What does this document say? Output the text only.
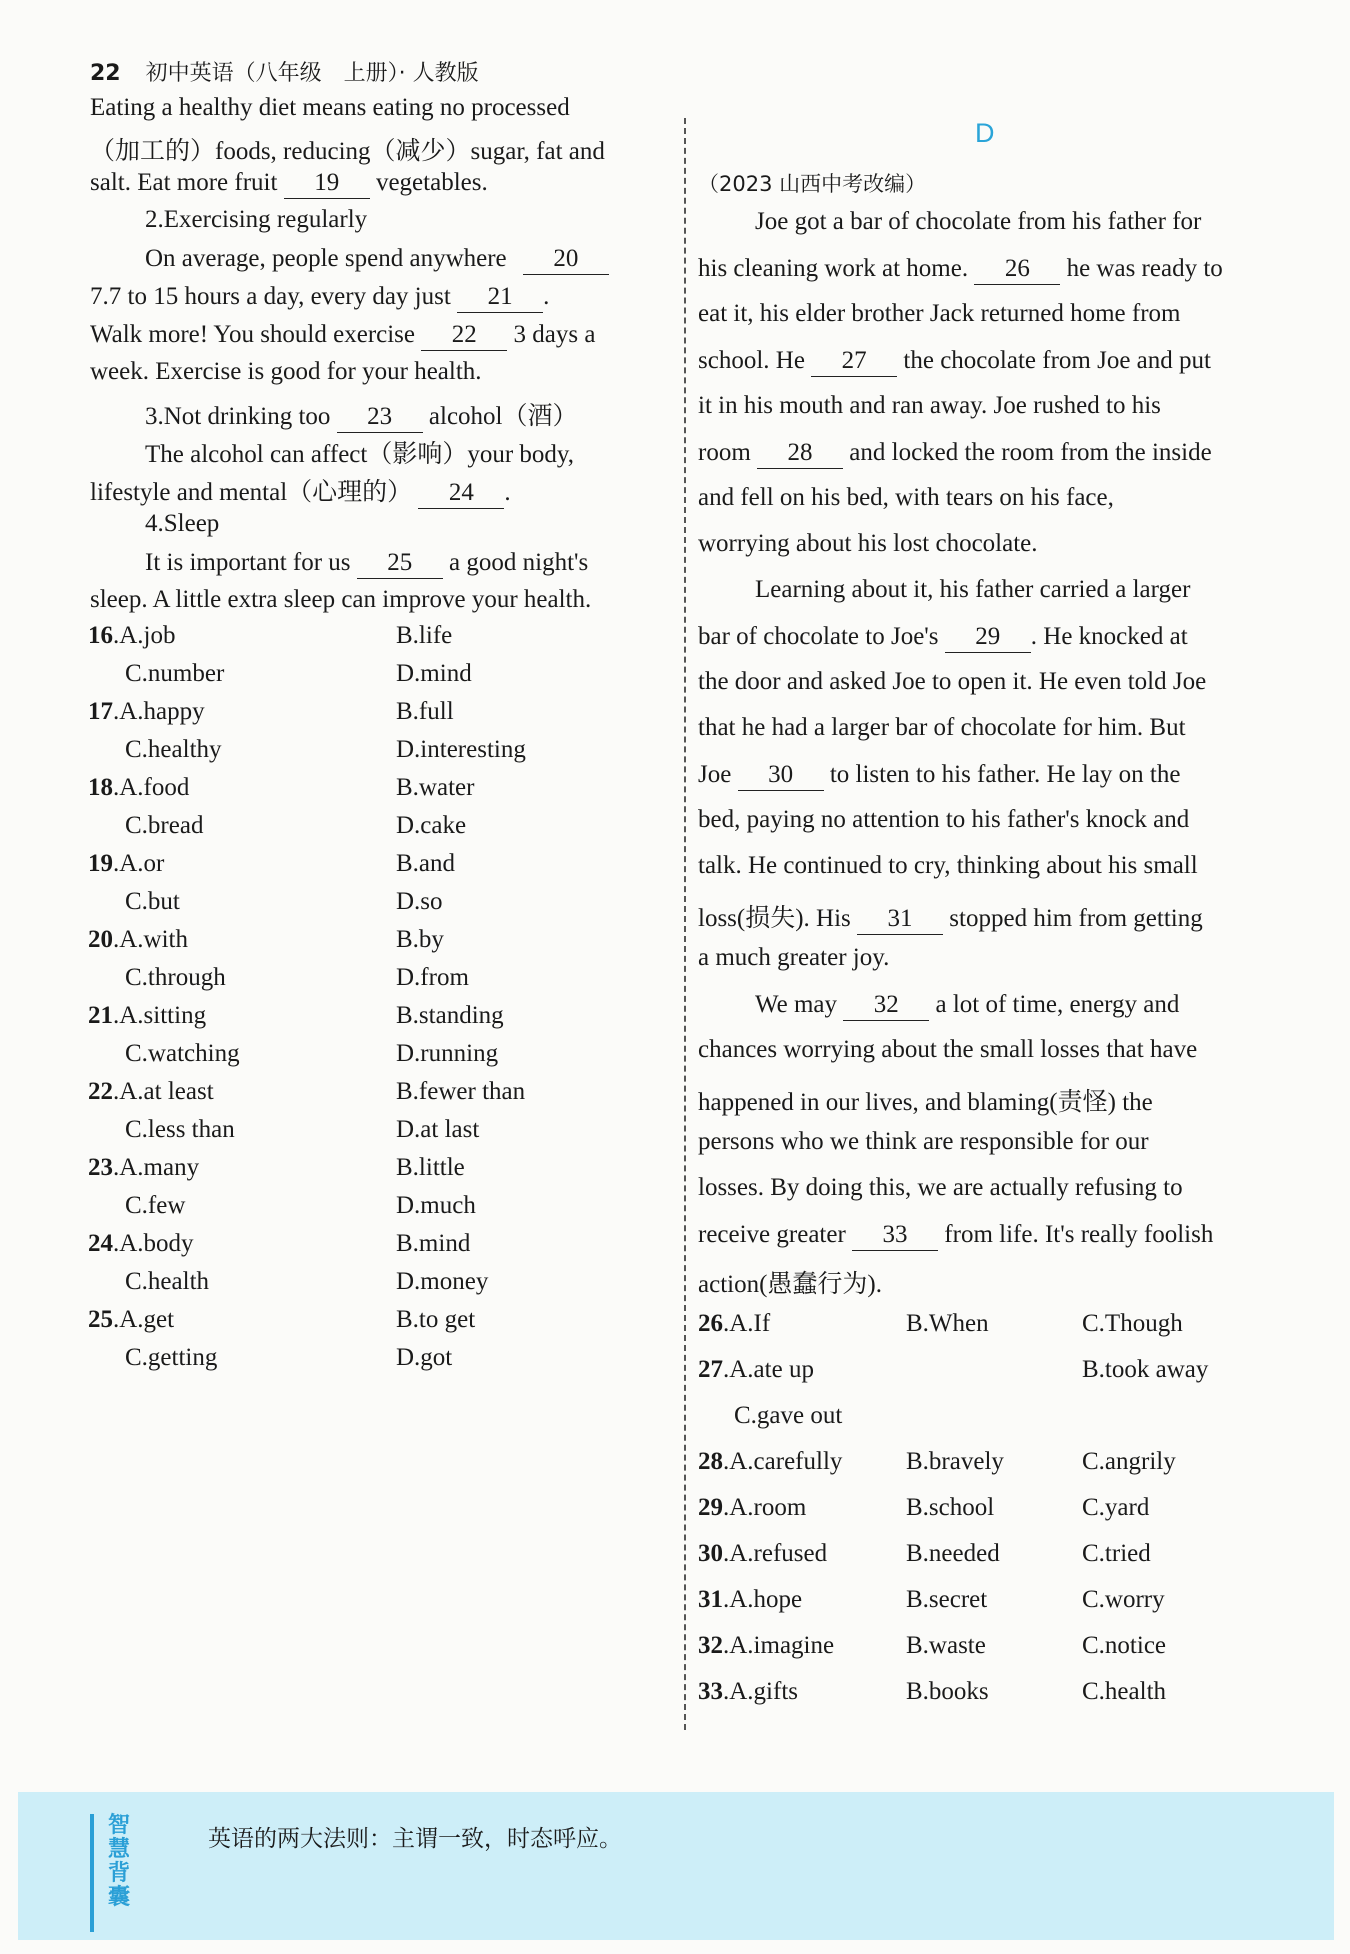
22 初中英语（八年级　上册）· 人教版
Eating a healthy diet means eating no processed
（加工的）foods, reducing（减少）sugar, fat and
salt. Eat more fruit 19 vegetables.
2.Exercising regularly
On average, people spend anywhere 20
7.7 to 15 hours a day, every day just 21 .
Walk more! You should exercise 22 3 days a
week. Exercise is good for your health.
3.Not drinking too 23 alcohol（酒）
The alcohol can affect（影响）your body,
lifestyle and mental（心理的） 24 .
4.Sleep
It is important for us 25 a good night's
sleep. A little extra sleep can improve your health.
16.A.job	B.life
C.number	D.mind
17.A.happy	B.full
C.healthy	D.interesting
18.A.food	B.water
C.bread	D.cake
19.A.or	B.and
C.but	D.so
20.A.with	B.by
C.through	D.from
21.A.sitting	B.standing
C.watching	D.running
22.A.at least	B.fewer than
C.less than	D.at last
23.A.many	B.little
C.few	D.much
24.A.body	B.mind
C.health	D.money
25.A.get	B.to get
C.getting	D.got
D
（2023 山西中考改编）
Joe got a bar of chocolate from his father for
his cleaning work at home. 26 he was ready to
eat it, his elder brother Jack returned home from
school. He 27 the chocolate from Joe and put
it in his mouth and ran away. Joe rushed to his
room 28 and locked the room from the inside
and fell on his bed, with tears on his face,
worrying about his lost chocolate.
Learning about it, his father carried a larger
bar of chocolate to Joe's 29 . He knocked at
the door and asked Joe to open it. He even told Joe
that he had a larger bar of chocolate for him. But
Joe 30 to listen to his father. He lay on the
bed, paying no attention to his father's knock and
talk. He continued to cry, thinking about his small
loss(损失). His 31 stopped him from getting
a much greater joy.
We may 32 a lot of time, energy and
chances worrying about the small losses that have
happened in our lives, and blaming(责怪) the
persons who we think are responsible for our
losses. By doing this, we are actually refusing to
receive greater 33 from life. It's really foolish
action(愚蠢行为).
26.A.If	B.When	C.Though
27.A.ate up	B.took away
C.gave out
28.A.carefully	B.bravely	C.angrily
29.A.room	B.school	C.yard
30.A.refused	B.needed	C.tried
31.A.hope	B.secret	C.worry
32.A.imagine	B.waste	C.notice
33.A.gifts	B.books	C.health
智
慧
背
囊
英语的两大法则：主谓一致，时态呼应。
